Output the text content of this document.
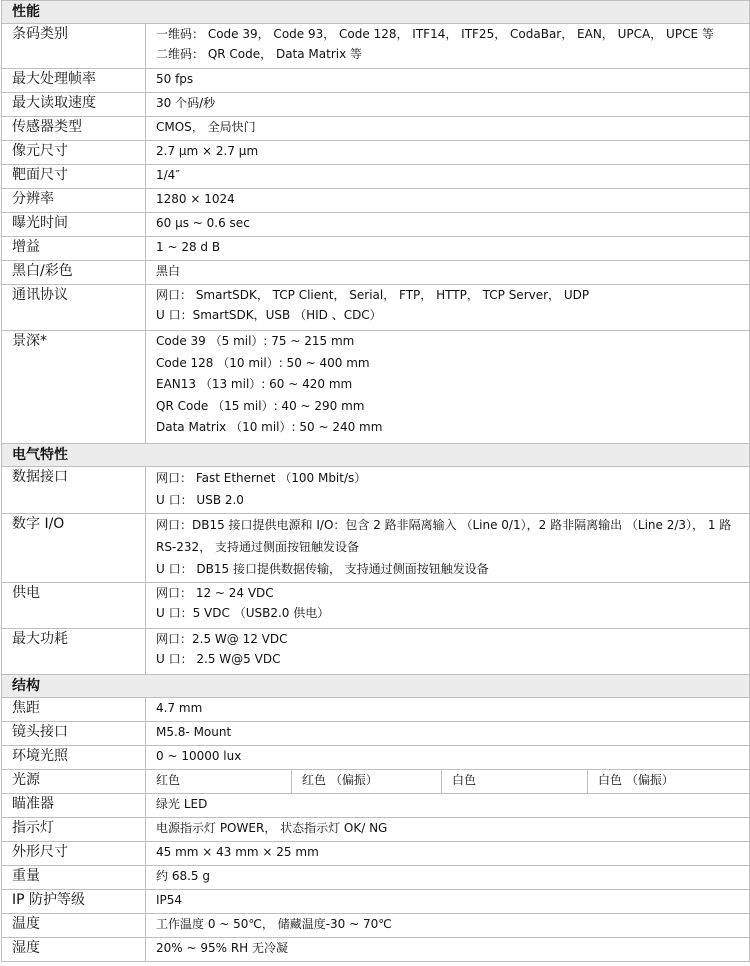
性能				
条码类别	一维码： Code 39， Code 93， Code 128， ITF14， ITF25， CodaBar， EAN， UPCA， UPCE 等
二维码： QR Code， Data Matrix 等			

最大处理帧率	50 fps			
最大读取速度	30 个码/秒			
传感器类型	CMOS， 全局快门			
像元尺寸	2.7 μm × 2.7 μm			
靶面尺寸	1/4″			
分辨率	1280 × 1024			
曝光时间	60 μs ~ 0.6 sec			
增益	1 ~ 28 d B			
黑白/彩色	黑白			
通讯协议	网口： SmartSDK， TCP Client， Serial， FTP， HTTP， TCP Server， UDP
U 口：SmartSDK，USB （HID 、CDC）			

景深*	Code 39 （5 mil）: 75 ~ 215 mm
Code 128 （10 mil）: 50 ~ 400 mm
EAN13 （13 mil）: 60 ~ 420 mm
QR Code （15 mil）: 40 ~ 290 mm
Data Matrix （10 mil）: 50 ~ 240 mm			

电气特性				
数据接口	网口： Fast Ethernet （100 Mbit/s）
U 口： USB 2.0			

数字 I/O	网口：DB15 接口提供电源和 I/O：包含 2 路非隔离输入 （Line 0/1），2 路非隔离输出 （Line 2/3）， 1 路 RS-232， 支持通过侧面按钮触发设备
U 口： DB15 接口提供数据传输， 支持通过侧面按钮触发设备			

供电	网口： 12 ~ 24 VDC
U 口：5 VDC （USB2.0 供电）			

最大功耗	网口：2.5 W@ 12 VDC
U 口： 2.5 W@5 VDC			

结构				
焦距	4.7 mm			
镜头接口	M5.8- Mount			
环境光照	0 ~ 10000 lux			
光源	红色	红色 （偏振）	白色	白色 （偏振）
瞄准器	绿光 LED			
指示灯	电源指示灯 POWER， 状态指示灯 OK/ NG			
外形尺寸	45 mm × 43 mm × 25 mm			
重量	约 68.5 g			
IP 防护等级	IP54			
温度	工作温度 0 ~ 50℃， 储藏温度-30 ~ 70℃			
湿度	20% ~ 95% RH 无冷凝			
